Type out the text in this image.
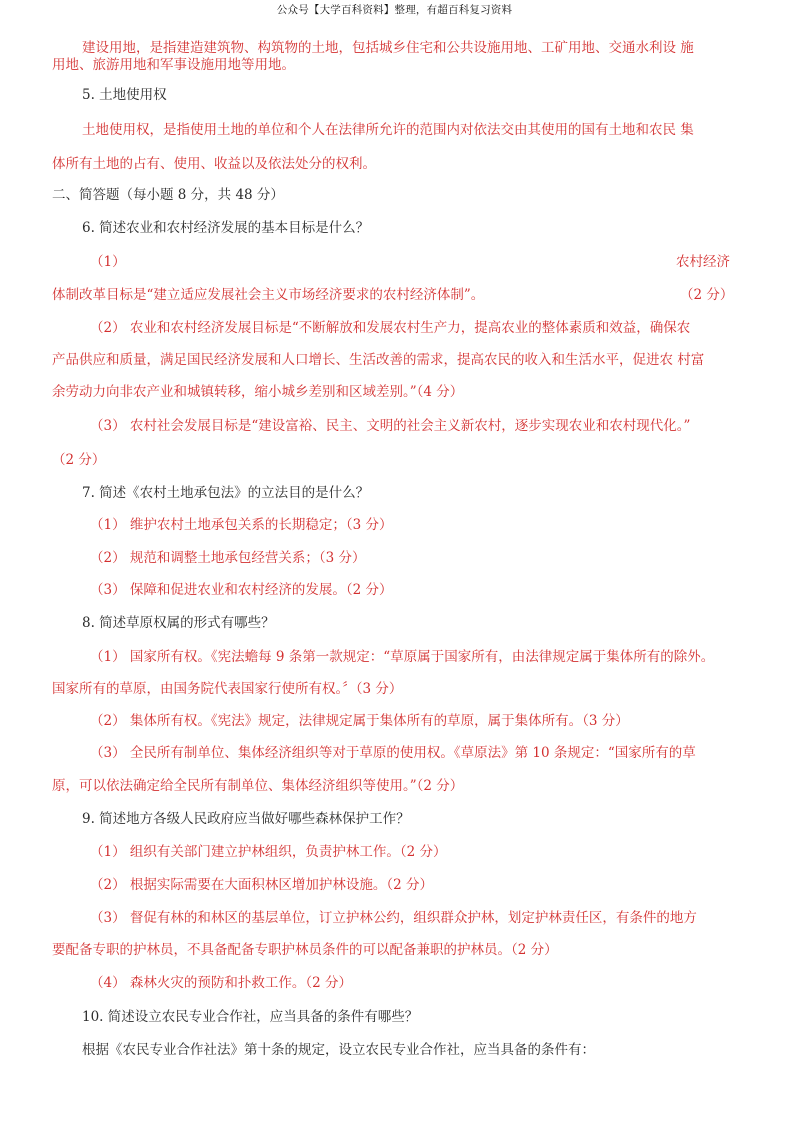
公众号【大学百科资料】整理，有超百科复习资料
建设用地，是指建造建筑物、构筑物的土地，包括城乡住宅和公共设施用地、工矿用地、交通水利设 施
用地、旅游用地和军事设施用地等用地。
5. 土地使用权
土地使用权，是指使用土地的单位和个人在法律所允许的范围内对依法交由其使用的国有土地和农民 集
体所有土地的占有、使用、收益以及依法处分的权利。
二、简答题（每小题 8 分，共 48 分）
6. 简述农业和农村经济发展的基本目标是什么？
（1）	农村经济
体制改革目标是“建立适应发展社会主义市场经济要求的农村经济体制”。	（2 分）
（2） 农业和农村经济发展目标是“不断解放和发展农村生产力，提高农业的整体素质和效益，确保农
产品供应和质量，满足国民经济发展和人口增长、生活改善的需求，提高农民的收入和生活水平，促进农 村富
余劳动力向非农产业和城镇转移，缩小城乡差别和区域差别。”（4 分）
（3） 农村社会发展目标是“建设富裕、民主、文明的社会主义新农村，逐步实现农业和农村现代化。”
（2 分）
7. 简述《农村土地承包法》的立法目的是什么？
（1） 维护农村土地承包关系的长期稳定；（3 分）
（2） 规范和调整土地承包经营关系；（3 分）
（3） 保障和促进农业和农村经济的发展。（2 分）
8. 简述草原权属的形式有哪些？
（1） 国家所有权。《宪法蟾每 9 条第一款规定：“草原属于国家所有，由法律规定属于集体所有的除外。
国家所有的草原，由国务院代表国家行使所有权。〞（3 分）
（2） 集体所有权。《宪法》规定，法律规定属于集体所有的草原，属于集体所有。（3 分）
（3） 全民所有制单位、集体经济组织等对于草原的使用权。《草原法》第 10 条规定：“国家所有的草
原，可以依法确定给全民所有制单位、集体经济组织等使用。”（2 分）
9. 简述地方各级人民政府应当做好哪些森林保护工作？
（1） 组织有关部门建立护林组织，负责护林工作。（2 分）
（2） 根据实际需要在大面积林区增加护林设施。（2 分）
（3） 督促有林的和林区的基层单位，订立护林公约，组织群众护林，划定护林责任区，有条件的地方
要配备专职的护林员，不具备配备专职护林员条件的可以配备兼职的护林员。（2 分）
（4） 森林火灾的预防和扑救工作。（2 分）
10. 简述设立农民专业合作社，应当具备的条件有哪些？
根据《农民专业合作社法》第十条的规定，设立农民专业合作社，应当具备的条件有：
